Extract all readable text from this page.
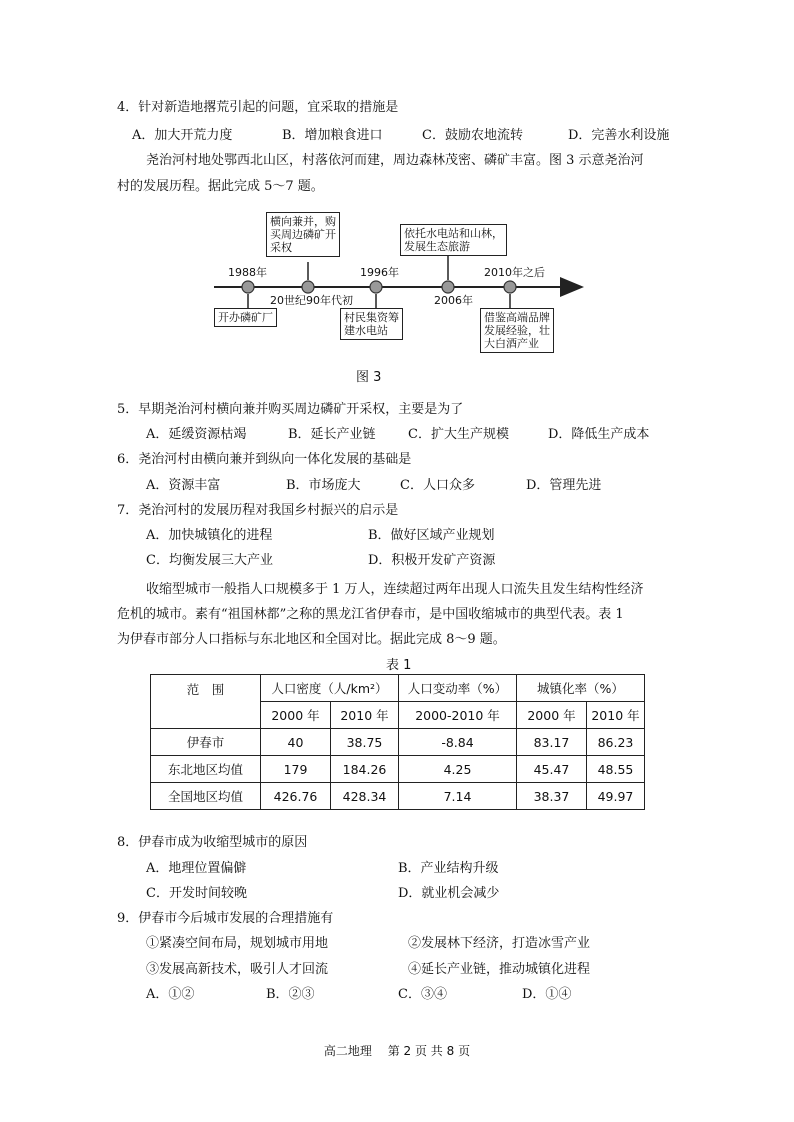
4．针对新造地撂荒引起的问题，宜采取的措施是
A．加大开荒力度	B．增加粮食进口	C．鼓励农地流转	D．完善水利设施
尧治河村地处鄂西北山区，村落依河而建，周边森林茂密、磷矿丰富。图 3 示意尧治河
村的发展历程。据此完成 5～7 题。
横向兼并，购
买周边磷矿开
采权
依托水电站和山林，
发展生态旅游
1988年	1996年	2010年之后
20世纪90年代初	2006年
开办磷矿厂	村民集资筹
建水电站
借鉴高端品牌
发展经验，壮
大白酒产业
图 3
5．早期尧治河村横向兼并购买周边磷矿开采权，主要是为了
A．延缓资源枯竭	B．延长产业链 C．扩大生产规模	D．降低生产成本
6．尧治河村由横向兼并到纵向一体化发展的基础是
A．资源丰富	B．市场庞大	C．人口众多	D．管理先进
7．尧治河村的发展历程对我国乡村振兴的启示是
A．加快城镇化的进程	B．做好区域产业规划
C．均衡发展三大产业	D．积极开发矿产资源
收缩型城市一般指人口规模多于 1 万人，连续超过两年出现人口流失且发生结构性经济
危机的城市。素有“祖国林都”之称的黑龙江省伊春市，是中国收缩城市的典型代表。表 1
为伊春市部分人口指标与东北地区和全国对比。据此完成 8～9 题。
表 1
范　围	人口密度（人/km²）		人口变动率（%）	城镇化率（%）	
	2000 年	2010 年	2000-2010 年	2000 年	2010 年
伊春市	40	38.75	-8.84	83.17	86.23
东北地区均值	179	184.26	4.25	45.47	48.55
全国地区均值	426.76	428.34	7.14	38.37	49.97
8．伊春市成为收缩型城市的原因
A．地理位置偏僻	B．产业结构升级
C．开发时间较晚	D．就业机会减少
9．伊春市今后城市发展的合理措施有
①紧凑空间布局，规划城市用地	②发展林下经济，打造冰雪产业
③发展高新技术，吸引人才回流	④延长产业链，推动城镇化进程
A．①②	B．②③	C．③④	D．①④
高二地理　 第 2 页 共 8 页
